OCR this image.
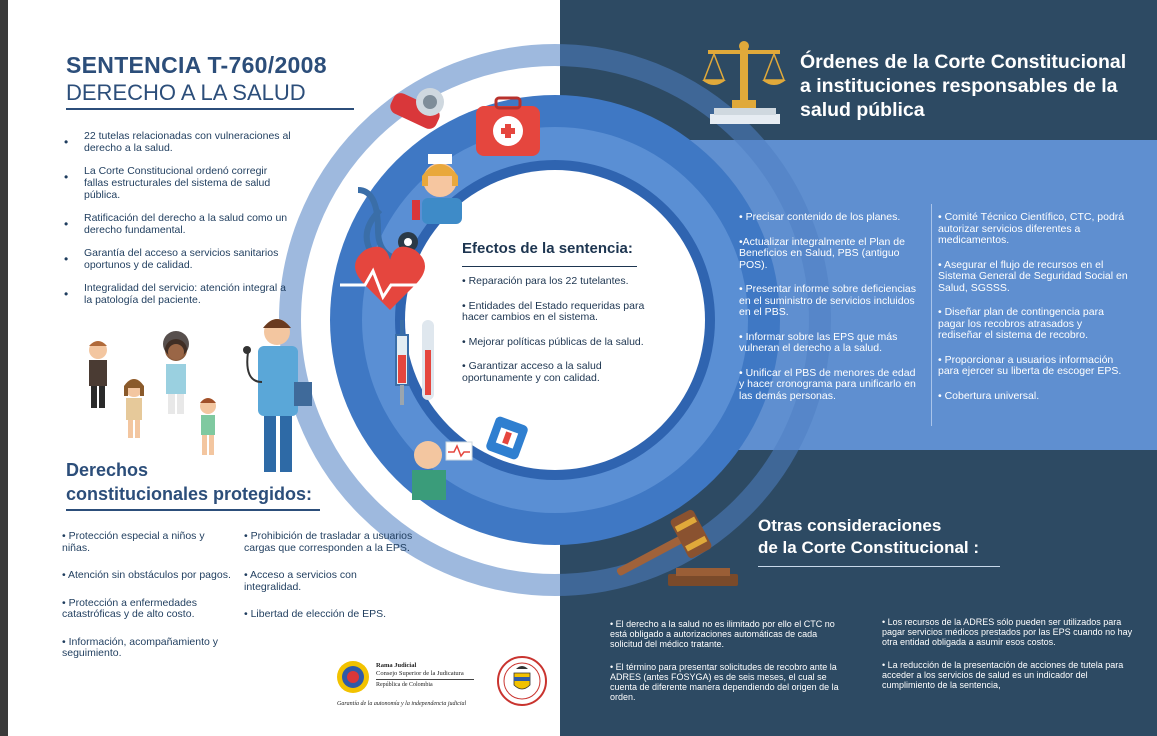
SENTENCIA T-760/2008
DERECHO A LA SALUD
• 22 tutelas relacionadas con vulneraciones al derecho a la salud.
• La Corte Constitucional ordenó corregir fallas estructurales del sistema de salud pública.
• Ratificación del derecho a la salud como un derecho fundamental.
• Garantía del acceso a servicios sanitarios oportunos y de calidad.
• Integralidad del servicio: atención integral a la patología del paciente.
Efectos de la sentencia:
• Reparación para los 22 tutelantes.
• Entidades del Estado requeridas para hacer cambios en el sistema.
• Mejorar políticas públicas de la salud.
• Garantizar acceso a la salud oportunamente y con calidad.
Derechos
constitucionales protegidos:
• Protección especial a niños y niñas.
• Atención sin obstáculos por pagos.
• Protección a enfermedades catastróficas y de alto costo.
• Información, acompañamiento y seguimiento.
• Prohibición de trasladar a usuarios cargas que corresponden a la EPS.
• Acceso a servicios con integralidad.
• Libertad de elección de EPS.
Rama Judicial
Consejo Superior de la Judicatura
República de Colombia
Garantía de la autonomía y la independencia judicial
Órdenes de la Corte Constitucional a instituciones responsables de la salud pública
• Precisar contenido de los planes.
•Actualizar integralmente el Plan de Beneficios en Salud, PBS (antiguo POS).
• Presentar informe sobre deficiencias en el suministro de servicios incluidos en el PBS.
• Informar sobre las EPS que más vulneran el derecho a la salud.
• Unificar el PBS de menores de edad y hacer cronograma para unificarlo en las demás personas.
• Comité Técnico Científico, CTC, podrá autorizar servicios diferentes a medicamentos.
• Asegurar el flujo de recursos en el Sistema General de Seguridad Social en Salud, SGSSS.
• Diseñar plan de contingencia para pagar los recobros atrasados y rediseñar el sistema de recobro.
• Proporcionar a usuarios información para ejercer su liberta de escoger EPS.
• Cobertura universal.
Otras consideraciones
de la Corte Constitucional :
• El derecho a la salud no es ilimitado por ello el CTC no está obligado a autorizaciones automáticas de cada solicitud del médico tratante.
• El término para presentar solicitudes de recobro ante la ADRES (antes FOSYGA) es de seis meses, el cual se cuenta de diferente manera dependiendo del origen de la orden.
• Los recursos de la ADRES sólo pueden ser utilizados para pagar servicios médicos prestados por las EPS cuando no hay otra entidad obligada a asumir esos costos.
• La reducción de la presentación de acciones de tutela para acceder a los servicios de salud es un indicador del cumplimiento de la sentencia,
